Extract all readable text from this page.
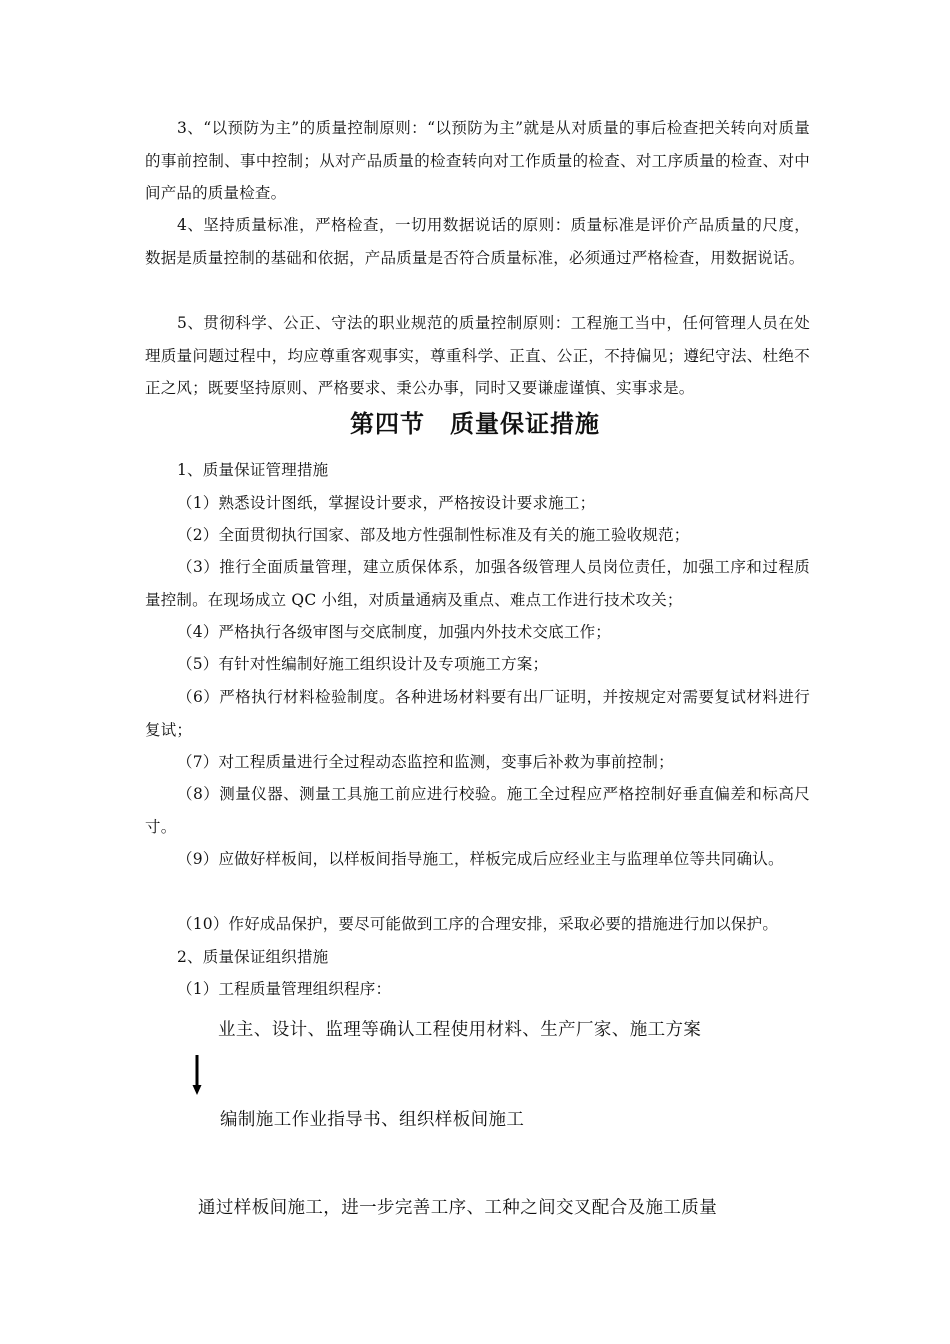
3、“以预防为主”的质量控制原则：“以预防为主”就是从对质量的事后检查把关转向对质量的事前控制、事中控制；从对产品质量的检查转向对工作质量的检查、对工序质量的检查、对中间产品的质量检查。
4、坚持质量标准，严格检查，一切用数据说话的原则：质量标准是评价产品质量的尺度，数据是质量控制的基础和依据，产品质量是否符合质量标准，必须通过严格检查，用数据说话。
5、贯彻科学、公正、守法的职业规范的质量控制原则：工程施工当中，任何管理人员在处理质量问题过程中，均应尊重客观事实，尊重科学、正直、公正，不持偏见；遵纪守法、杜绝不正之风；既要坚持原则、严格要求、秉公办事，同时又要谦虚谨慎、实事求是。
第四节　质量保证措施
1、质量保证管理措施
（1）熟悉设计图纸，掌握设计要求，严格按设计要求施工；
（2）全面贯彻执行国家、部及地方性强制性标准及有关的施工验收规范；
（3）推行全面质量管理，建立质保体系，加强各级管理人员岗位责任，加强工序和过程质量控制。在现场成立 QC 小组，对质量通病及重点、难点工作进行技术攻关；
（4）严格执行各级审图与交底制度，加强内外技术交底工作；
（5）有针对性编制好施工组织设计及专项施工方案；
（6）严格执行材料检验制度。各种进场材料要有出厂证明，并按规定对需要复试材料进行复试；
（7）对工程质量进行全过程动态监控和监测，变事后补救为事前控制；
（8）测量仪器、测量工具施工前应进行校验。施工全过程应严格控制好垂直偏差和标高尺寸。
（9）应做好样板间，以样板间指导施工，样板完成后应经业主与监理单位等共同确认。
（10）作好成品保护，要尽可能做到工序的合理安排，采取必要的措施进行加以保护。
2、质量保证组织措施
（1）工程质量管理组织程序：
业主、设计、监理等确认工程使用材料、生产厂家、施工方案
编制施工作业指导书、组织样板间施工
通过样板间施工，进一步完善工序、工种之间交叉配合及施工质量
